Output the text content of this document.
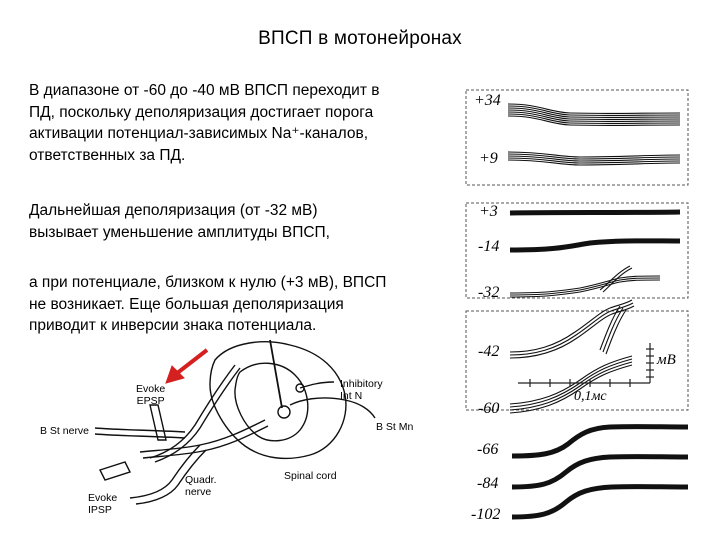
ВПСП в мотонейронах
В диапазоне от -60 до -40 мВ ВПСП переходит в
ПД, поскольку деполяризация достигает порога
активации потенциал-зависимых Na⁺-каналов,
ответственных за ПД.
Дальнейшая деполяризация (от -32 мВ)
вызывает уменьшение амплитуды ВПСП,
а при потенциале, близком к нулю (+3 мВ), ВПСП
не возникает. Еще большая деполяризация
приводит к инверсии знака потенциала.
+34
+9
+3
-14
-32
-42
-60
-66
-84
-102
мВ
0,1мс
Evoke
EPSP
Inhibitory
Int N
B St nerve	B St Mn
Quadr.
nerve
Spinal cord
Evoke
IPSP
